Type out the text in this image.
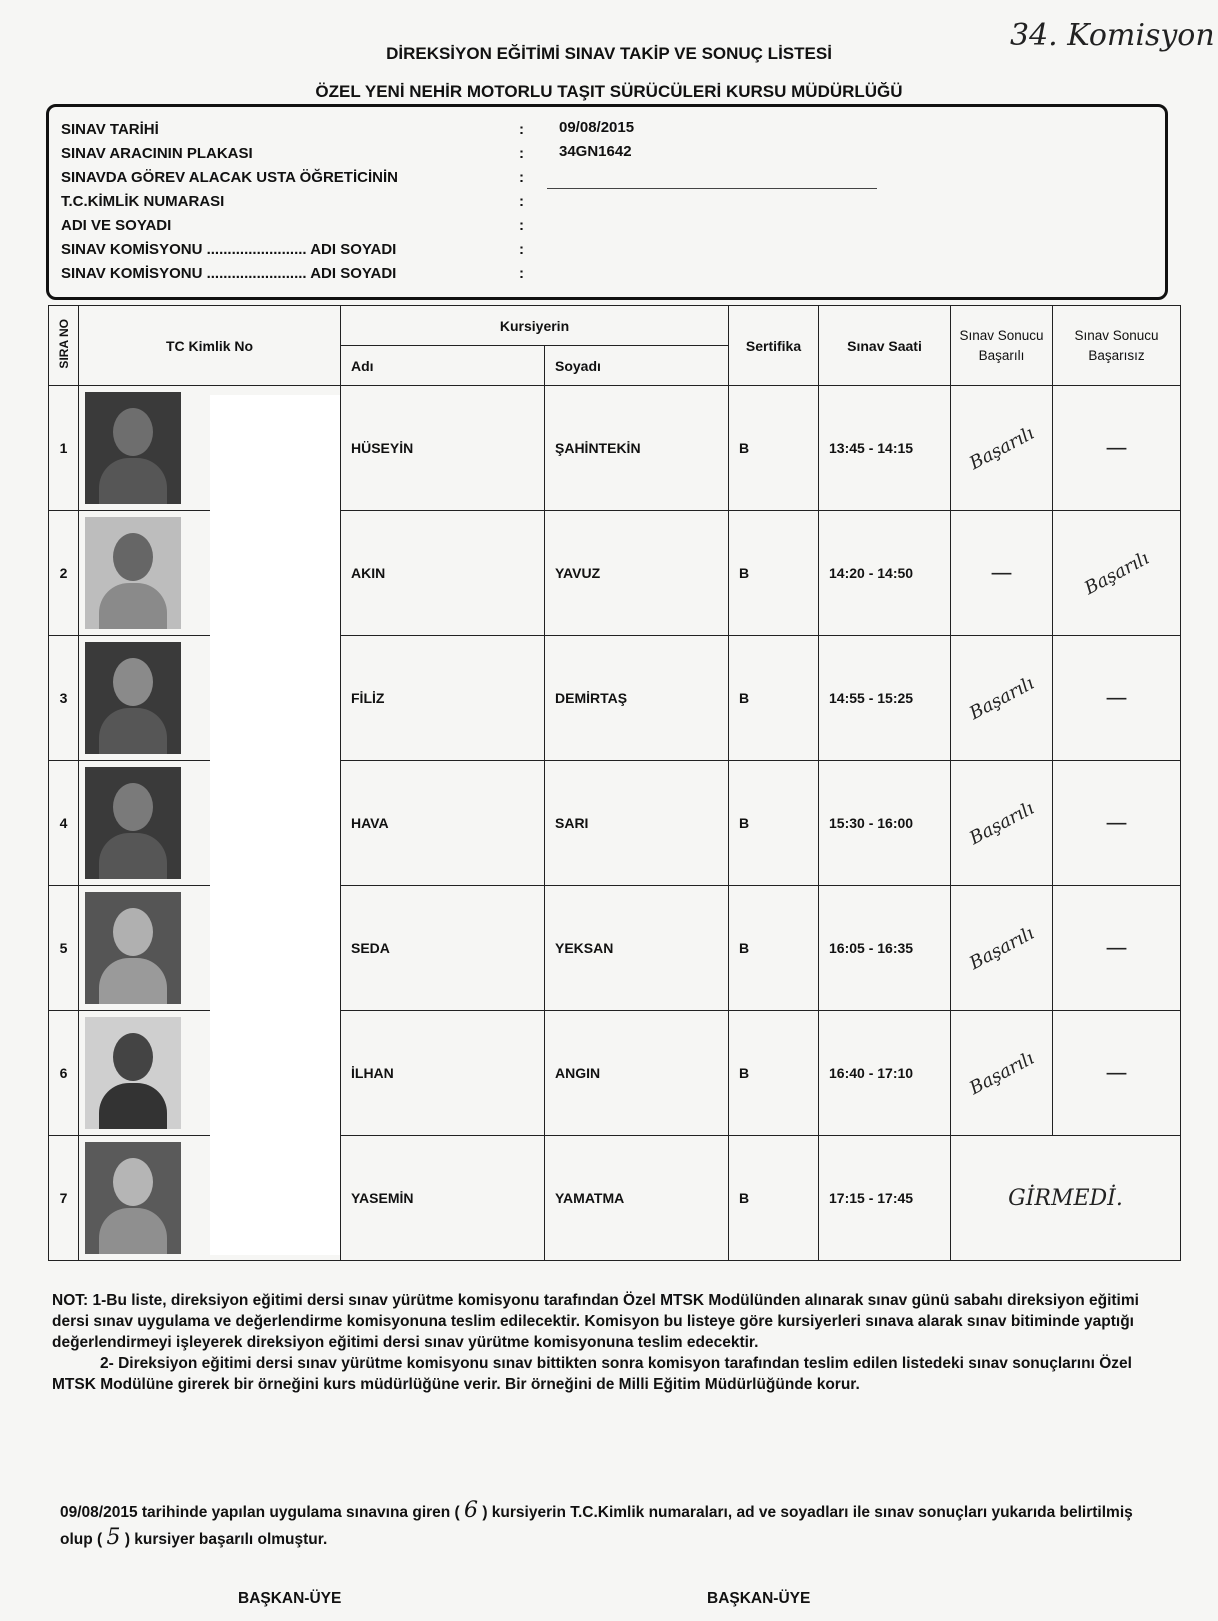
DİREKSİYON EĞİTİMİ SINAV TAKİP VE SONUÇ LİSTESİ
ÖZEL YENİ NEHİR MOTORLU TAŞIT SÜRÜCÜLERİ KURSU MÜDÜRLÜĞÜ
34. Komisyon
SINAV TARİHİ	: 09/08/2015
SINAV ARACININ PLAKASI	: 34GN1642
SINAVDA GÖREV ALACAK USTA ÖĞRETİCİNİN	:
T.C.KİMLİK NUMARASI	:
ADI VE SOYADI	:
SINAV KOMİSYONU ........................ ADI SOYADI	:
SINAV KOMİSYONU ........................ ADI SOYADI	:
SIRA NO	TC Kimlik No	Kursiyerin		Sertifika	Sınav Saati	Sınav Sonucu Başarılı	Sınav Sonucu Başarısız
		Adı	Soyadı				
1		HÜSEYİN	ŞAHİNTEKİN	B	13:45 - 14:15	Başarılı	—
2		AKIN	YAVUZ	B	14:20 - 14:50	—	Başarılı
3		FİLİZ	DEMİRTAŞ	B	14:55 - 15:25	Başarılı	—
4		HAVA	SARI	B	15:30 - 16:00	Başarılı	—
5		SEDA	YEKSAN	B	16:05 - 16:35	Başarılı	—
6		İLHAN	ANGIN	B	16:40 - 17:10	Başarılı	—
7		YASEMİN	YAMATMA	B	17:15 - 17:45	GİRMEDİ.	
NOT: 1-Bu liste, direksiyon eğitimi dersi sınav yürütme komisyonu tarafından Özel MTSK Modülünden alınarak sınav günü sabahı direksiyon eğitimi dersi sınav uygulama ve değerlendirme komisyonuna teslim edilecektir. Komisyon bu listeye göre kursiyerleri sınava alarak sınav bitiminde yaptığı değerlendirmeyi işleyerek direksiyon eğitimi dersi sınav yürütme komisyonuna teslim edecektir.
2- Direksiyon eğitimi dersi sınav yürütme komisyonu sınav bittikten sonra komisyon tarafından teslim edilen listedeki sınav sonuçlarını Özel MTSK Modülüne girerek bir örneğini kurs müdürlüğüne verir. Bir örneğini de Milli Eğitim Müdürlüğünde korur.
09/08/2015 tarihinde yapılan uygulama sınavına giren ( 6 ) kursiyerin T.C.Kimlik numaraları, ad ve soyadları ile sınav sonuçları yukarıda belirtilmiş olup ( 5 ) kursiyer başarılı olmuştur.
BAŞKAN-ÜYE	BAŞKAN-ÜYE
